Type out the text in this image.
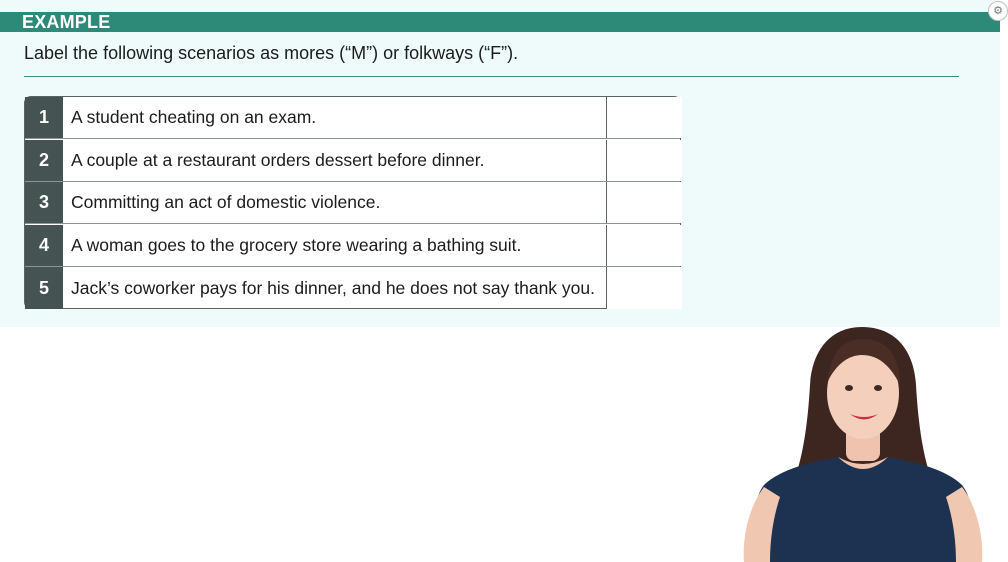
EXAMPLE
⚙
Label the following scenarios as mores (“M”) or folkways (“F”).
1	A student cheating on an exam.
2	A couple at a restaurant orders dessert before dinner.
3	Committing an act of domestic violence.
4	A woman goes to the grocery store wearing a bathing suit.
5	Jack’s coworker pays for his dinner, and he does not say thank you.
